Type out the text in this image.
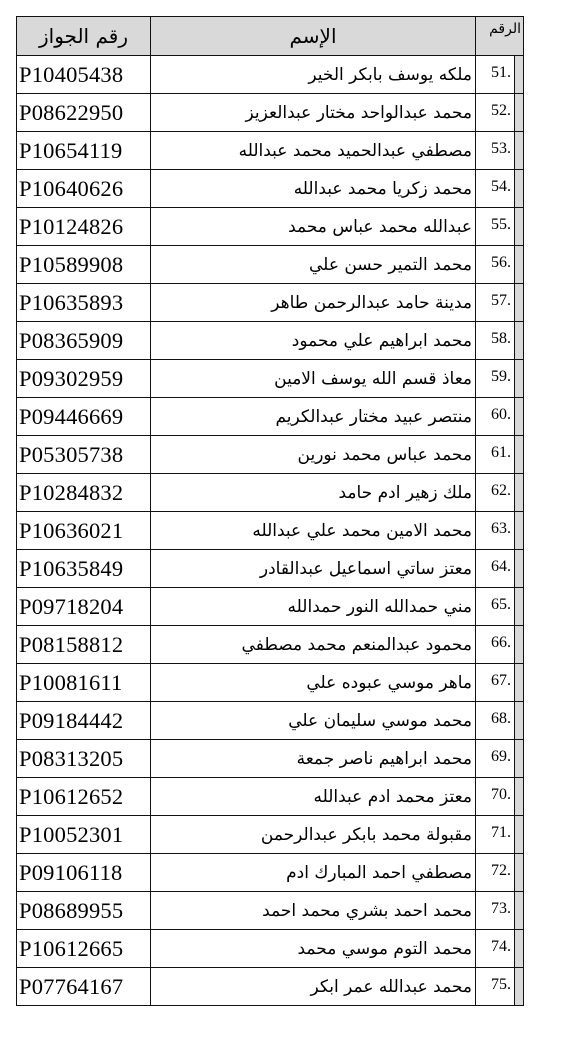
رقم الجواز	الإسم	الرقم
P10405438	ملكه يوسف بابكر الخير	51.

P08622950	محمد عبدالواحد مختار عبدالعزيز	52.

P10654119	مصطفي عبدالحميد محمد عبدالله	53.

P10640626	محمد زكريا محمد عبدالله	54.

P10124826	عبدالله محمد عباس محمد	55.

P10589908	محمد التمير حسن علي	56.

P10635893	مدينة حامد عبدالرحمن طاهر	57.

P08365909	محمد ابراهيم علي محمود	58.

P09302959	معاذ قسم الله يوسف الامين	59.

P09446669	منتصر عبيد مختار عبدالكريم	60.

P05305738	محمد عباس محمد نورين	61.

P10284832	ملك زهير ادم حامد	62.

P10636021	محمد الامين محمد علي عبدالله	63.

P10635849	معتز ساتي اسماعيل عبدالقادر	64.

P09718204	مني حمدالله النور حمدالله	65.

P08158812	محمود عبدالمنعم محمد مصطفي	66.

P10081611	ماهر موسي عبوده علي	67.

P09184442	محمد موسي سليمان علي	68.

P08313205	محمد ابراهيم ناصر جمعة	69.

P10612652	معتز محمد ادم عبدالله	70.

P10052301	مقبولة محمد بابكر عبدالرحمن	71.

P09106118	مصطفي احمد المبارك ادم	72.

P08689955	محمد احمد بشري محمد احمد	73.

P10612665	محمد التوم موسي محمد	74.

P07764167	محمد عبدالله عمر ابكر	75.
